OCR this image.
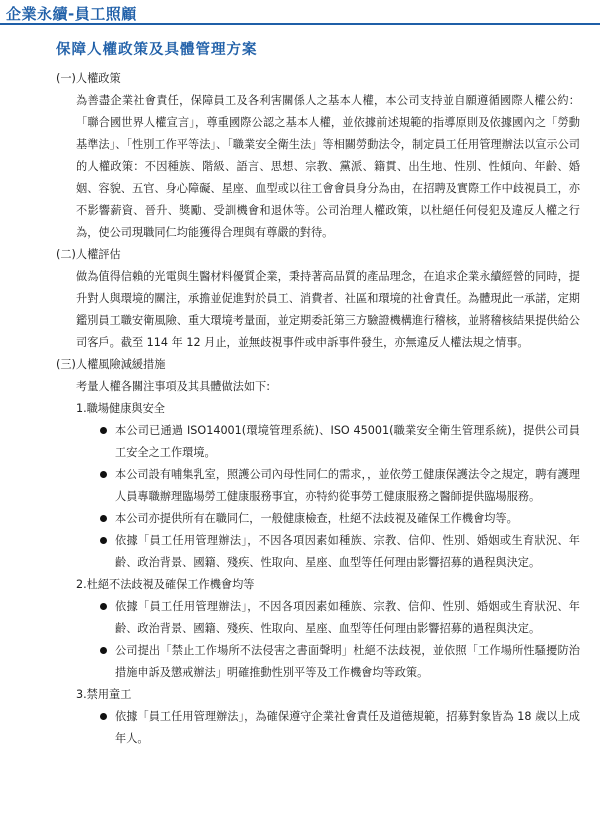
企業永續-員工照顧
保障人權政策及具體管理方案
(一)人權政策
為善盡企業社會責任，保障員工及各利害關係人之基本人權，本公司支持並自願遵循國際人權公約：「聯合國世界人權宣言」，尊重國際公認之基本人權，並依據前述規範的指導原則及依據國內之「勞動基準法」、「性別工作平等法」、「職業安全衛生法」等相關勞動法令，制定員工任用管理辦法以宣示公司的人權政策：不因種族、階級、語言、思想、宗教、黨派、籍貫、出生地、性別、性傾向、年齡、婚姻、容貌、五官、身心障礙、星座、血型或以往工會會員身分為由，在招聘及實際工作中歧視員工，亦不影響薪資、晉升、獎勵、受訓機會和退休等。公司治理人權政策，以杜絕任何侵犯及違反人權之行為，使公司現職同仁均能獲得合理與有尊嚴的對待。
(二)人權評估
做為值得信賴的光電與生醫材料優質企業，秉持著高品質的產品理念，在追求企業永續經營的同時，提升對人與環境的關注，承擔並促進對於員工、消費者、社區和環境的社會責任。為體現此一承諾，定期鑑別員工職安衛風險、重大環境考量面，並定期委託第三方驗證機構進行稽核，並將稽核結果提供給公司客戶。截至 114 年 12 月止，並無歧視事件或申訴事件發生，亦無違反人權法規之情事。
(三)人權風險減緩措施
考量人權各關注事項及其具體做法如下:
1.職場健康與安全
本公司已通過 ISO14001(環境管理系統)、ISO 45001(職業安全衛生管理系統)，提供公司員工安全之工作環境。
本公司設有哺集乳室，照護公司內母性同仁的需求，，並依勞工健康保護法令之規定，聘有護理人員專職辦理臨場勞工健康服務事宜，亦特約從事勞工健康服務之醫師提供臨場服務。
本公司亦提供所有在職同仁，一般健康檢查，杜絕不法歧視及確保工作機會均等。
依據「員工任用管理辦法」，不因各項因素如種族、宗教、信仰、性別、婚姻或生育狀況、年齡、政治背景、國籍、殘疾、性取向、星座、血型等任何理由影響招募的過程與決定。
2.杜絕不法歧視及確保工作機會均等
依據「員工任用管理辦法」，不因各項因素如種族、宗教、信仰、性別、婚姻或生育狀況、年齡、政治背景、國籍、殘疾、性取向、星座、血型等任何理由影響招募的過程與決定。
公司提出「禁止工作場所不法侵害之書面聲明」杜絕不法歧視，並依照「工作場所性騷擾防治措施申訴及懲戒辦法」明確推動性別平等及工作機會均等政策。
3.禁用童工
依據「員工任用管理辦法」，為確保遵守企業社會責任及道德規範，招募對象皆為 18 歲以上成年人。
